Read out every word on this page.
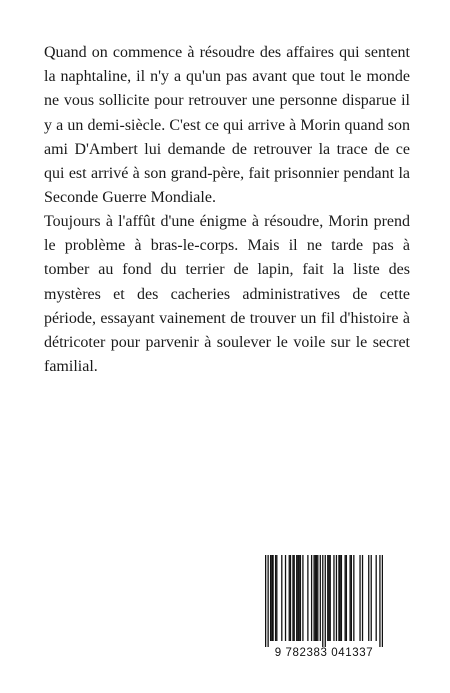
Quand on commence à résoudre des affaires qui sentent la naphtaline, il n'y a qu'un pas avant que tout le monde ne vous sollicite pour retrouver une personne disparue il y a un demi-siècle. C'est ce qui arrive à Morin quand son ami D'Ambert lui demande de retrouver la trace de ce qui est arrivé à son grand-père, fait prisonnier pendant la Seconde Guerre Mondiale.

Toujours à l'affût d'une énigme à résoudre, Morin prend le problème à bras-le-corps. Mais il ne tarde pas à tomber au fond du terrier de lapin, fait la liste des mystères et des cacheries administratives de cette période, essayant vainement de trouver un fil d'histoire à détricoter pour parvenir à soulever le voile sur le secret familial.

9 782383 041337
